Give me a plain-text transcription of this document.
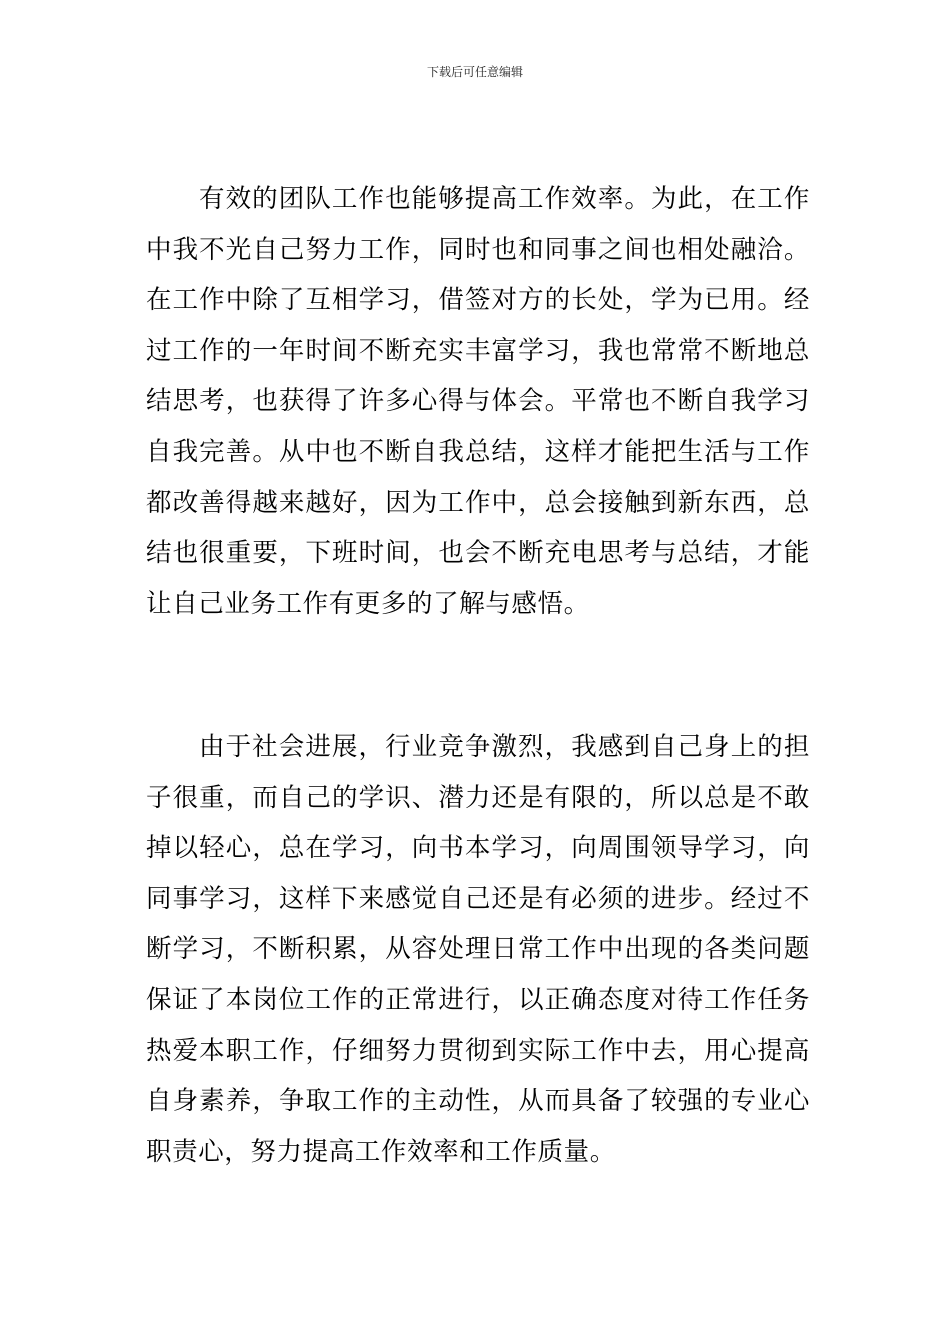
下载后可任意编辑

有效的团队工作也能够提高工作效率。为此，在工作中我不光自己努力工作，同时也和同事之间也相处融洽。在工作中除了互相学习，借签对方的长处，学为已用。经过工作的一年时间不断充实丰富学习，我也常常不断地总结思考，也获得了许多心得与体会。平常也不断自我学习自我完善。从中也不断自我总结，这样才能把生活与工作都改善得越来越好，因为工作中，总会接触到新东西，总结也很重要，下班时间，也会不断充电思考与总结，才能让自己业务工作有更多的了解与感悟。

由于社会进展，行业竞争激烈，我感到自己身上的担子很重，而自己的学识、潜力还是有限的，所以总是不敢掉以轻心，总在学习，向书本学习，向周围领导学习，向同事学习，这样下来感觉自己还是有必须的进步。经过不断学习，不断积累，从容处理日常工作中出现的各类问题保证了本岗位工作的正常进行，以正确态度对待工作任务热爱本职工作，仔细努力贯彻到实际工作中去，用心提高自身素养，争取工作的主动性，从而具备了较强的专业心职责心，努力提高工作效率和工作质量。
